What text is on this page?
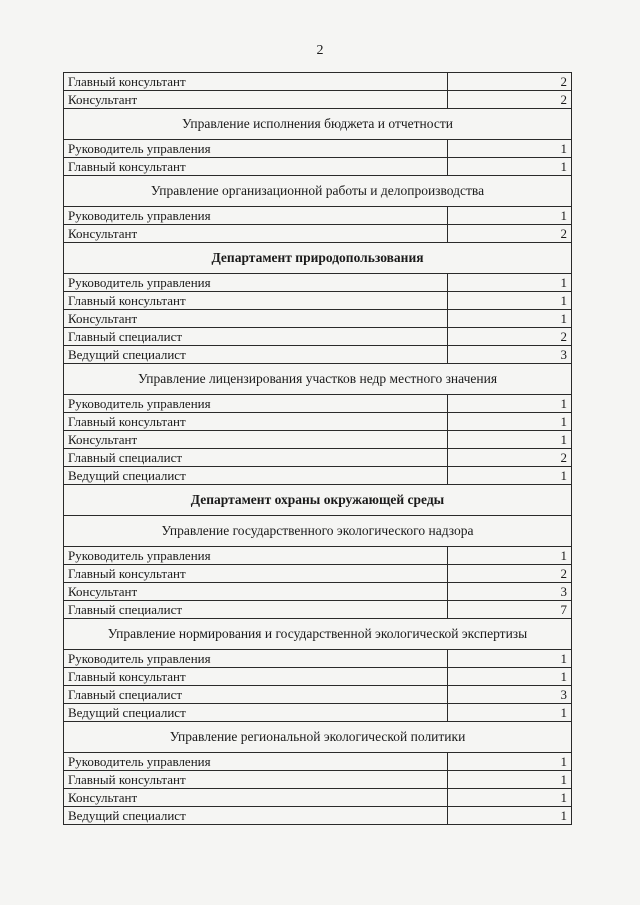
2
Главный консультант	2
Консультант	2
Управление исполнения бюджета и отчетности	
Руководитель управления	1
Главный консультант	1
Управление организационной работы и делопроизводства	
Руководитель управления	1
Консультант	2
Департамент природопользования	
Руководитель управления	1
Главный консультант	1
Консультант	1
Главный специалист	2
Ведущий специалист	3
Управление лицензирования участков недр местного значения	
Руководитель управления	1
Главный консультант	1
Консультант	1
Главный специалист	2
Ведущий специалист	1
Департамент охраны окружающей среды	
Управление государственного экологического надзора	
Руководитель управления	1
Главный консультант	2
Консультант	3
Главный специалист	7
Управление нормирования и государственной экологической экспертизы	
Руководитель управления	1
Главный консультант	1
Главный специалист	3
Ведущий специалист	1
Управление региональной экологической политики	
Руководитель управления	1
Главный консультант	1
Консультант	1
Ведущий специалист	1
